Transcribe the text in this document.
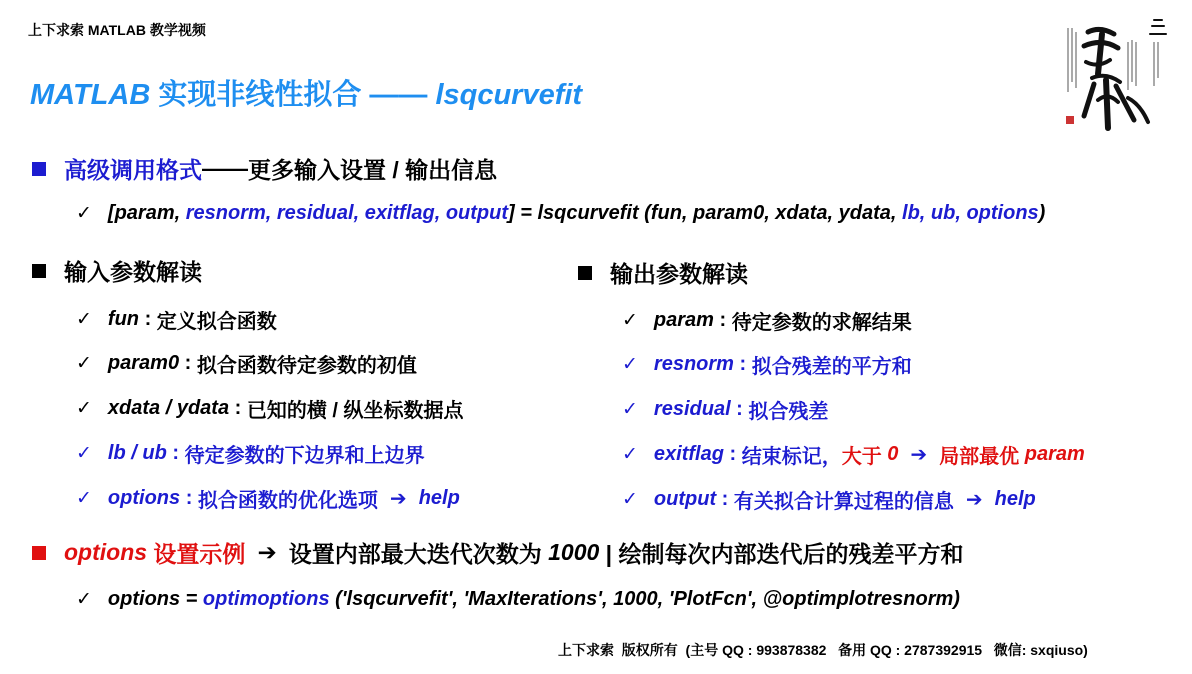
上下求索 MATLAB 教学视频
MATLAB 实现非线性拟合 —— lsqcurvefit
高级调用格式 —— 更多输入设置 / 输出信息
✓ [param, resnorm, residual, exitflag, output] = lsqcurvefit (fun, param0, xdata, ydata, lb, ub, options)
输入参数解读	输出参数解读
✓ fun : 定义拟合函数
✓ param0 : 拟合函数待定参数的初值
✓ xdata / ydata : 已知的横 / 纵坐标数据点
✓ lb / ub : 待定参数的下边界和上边界
✓ options : 拟合函数的优化选项 ➔ help
✓ param : 待定参数的求解结果
✓ resnorm : 拟合残差的平方和
✓ residual : 拟合残差
✓ exitflag : 结束标记， 大于 0 ➔ 局部最优 param
✓ output : 有关拟合计算过程的信息 ➔ help
options 设置示例 ➔ 设置内部最大迭代次数为 1000 | 绘制每次内部迭代后的残差平方和
✓ options = optimoptions ('lsqcurvefit', 'MaxIterations', 1000, 'PlotFcn', @optimplotresnorm)
上下求索  版权所有  (主号 QQ : 993878382   备用 QQ : 2787392915   微信: sxqiuso)
